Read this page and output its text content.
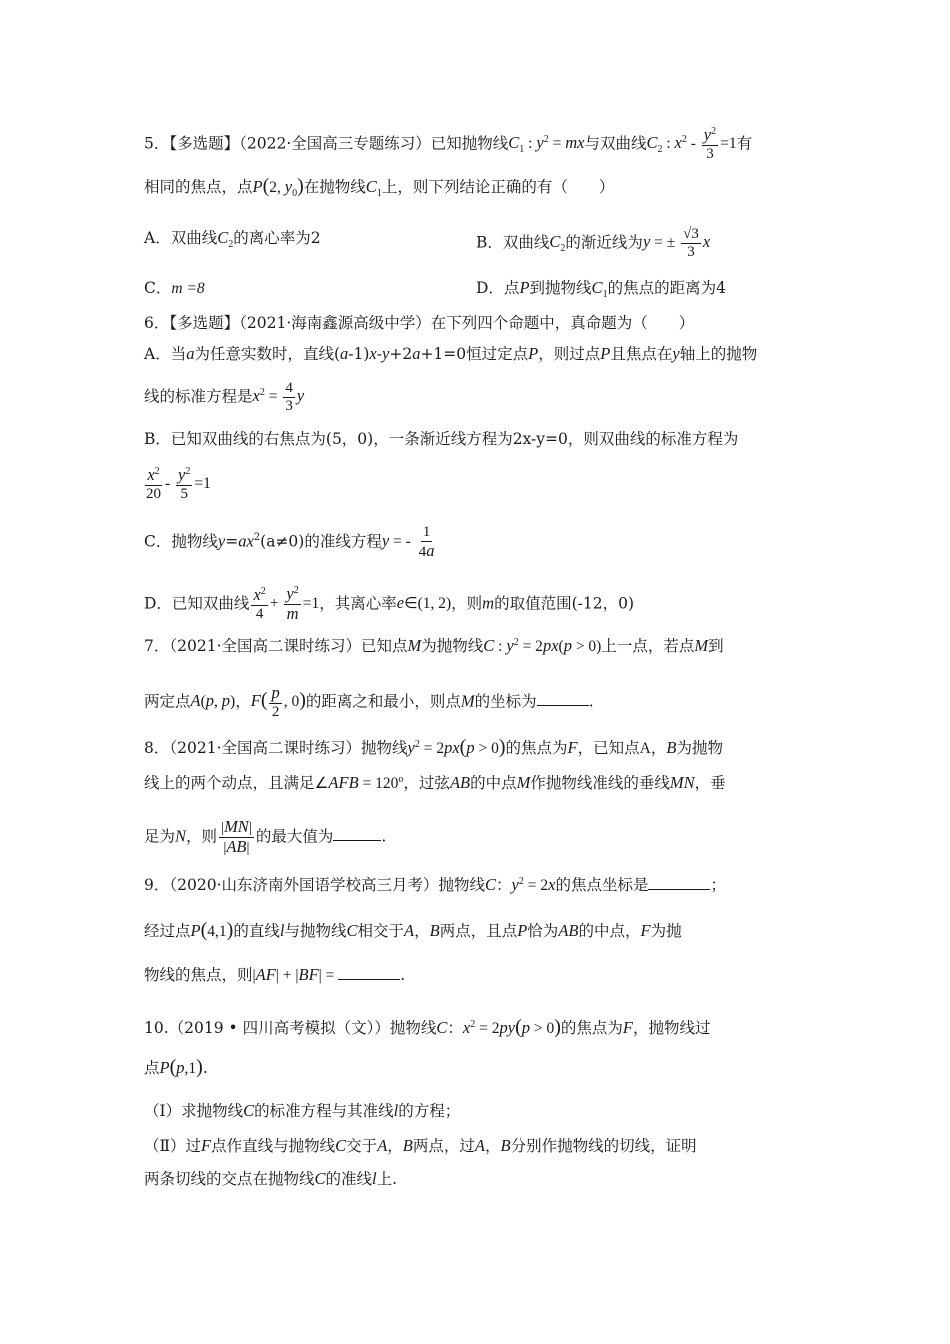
5．【多选题】（2022·全国高三专题练习）已知抛物线$C_1$ : $y^2$ = mx与双曲线$C_2$ : $x^2 - \frac{y^2}{3} =1$有
相同的焦点，点P(2, $y_0$)在抛物线$C_1$上，则下列结论正确的有（　　）
A．双曲线$C_2$的离心率为2	B．双曲线$C_2$的渐近线为y = ± $\frac{√3}{3}$ x
C．m =8	D．点P到抛物线$C_1$的焦点的距离为4
6．【多选题】（2021·海南鑫源高级中学）在下列四个命题中，真命题为（　　）
A．当a为任意实数时，直线(a-1)x-y+2a+1=0恒过定点P，则过点P且焦点在y轴上的抛物
线的标准方程是$x^2 = \frac{4}{3}$ y
B．已知双曲线的右焦点为(5，0)，一条渐近线方程为2x-y=0，则双曲线的标准方程为
$\frac{x^2}{20} - \frac{y^2}{5} =1$
C．抛物线$y=ax^2(a\ne 0)$的准线方程y = - $\frac{1}{4a}$
D．已知双曲线 $\frac{x^2}{4} + \frac{y^2}{m} =1$，其离心率e∈(1, 2)，则m的取值范围(-12，0)
7．（2021·全国高二课时练习）已知点M为抛物线C : $y^2 = 2px(p > 0)$上一点，若点M到
两定点A(p, p)，$F( \frac{p}{2}$ , 0)的距离之和最小，则点M的坐标为	.
8．（2021·全国高二课时练习）抛物线$y^2 = 2px(p > 0)$的焦点为F，已知点A，B为抛物
线上的两个动点，且满足∠AFB = $120^o$，过弦AB的中点M作抛物线准线的垂线MN，垂
足为N，则 $\frac{|MN|}{|AB|}$ 的最大值为	.
9．（2020·山东济南外国语学校高三月考）抛物线C：$y^2 = 2x$的焦点坐标是	；
经过点P(4,1)的直线l与抛物线C相交于A，B两点，且点P恰为AB的中点，F为抛
物线的焦点，则|AF| + |BF| =	.
10.（2019 • 四川高考模拟（文））抛物线C：$x^2 = 2py(p > 0)$的焦点为F，抛物线过
点P(p,1).
（Ⅰ）求抛物线C的标准方程与其准线l的方程；
（Ⅱ）过F点作直线与抛物线C交于A，B两点，过A，B分别作抛物线的切线，证明
两条切线的交点在抛物线C的准线l上.
